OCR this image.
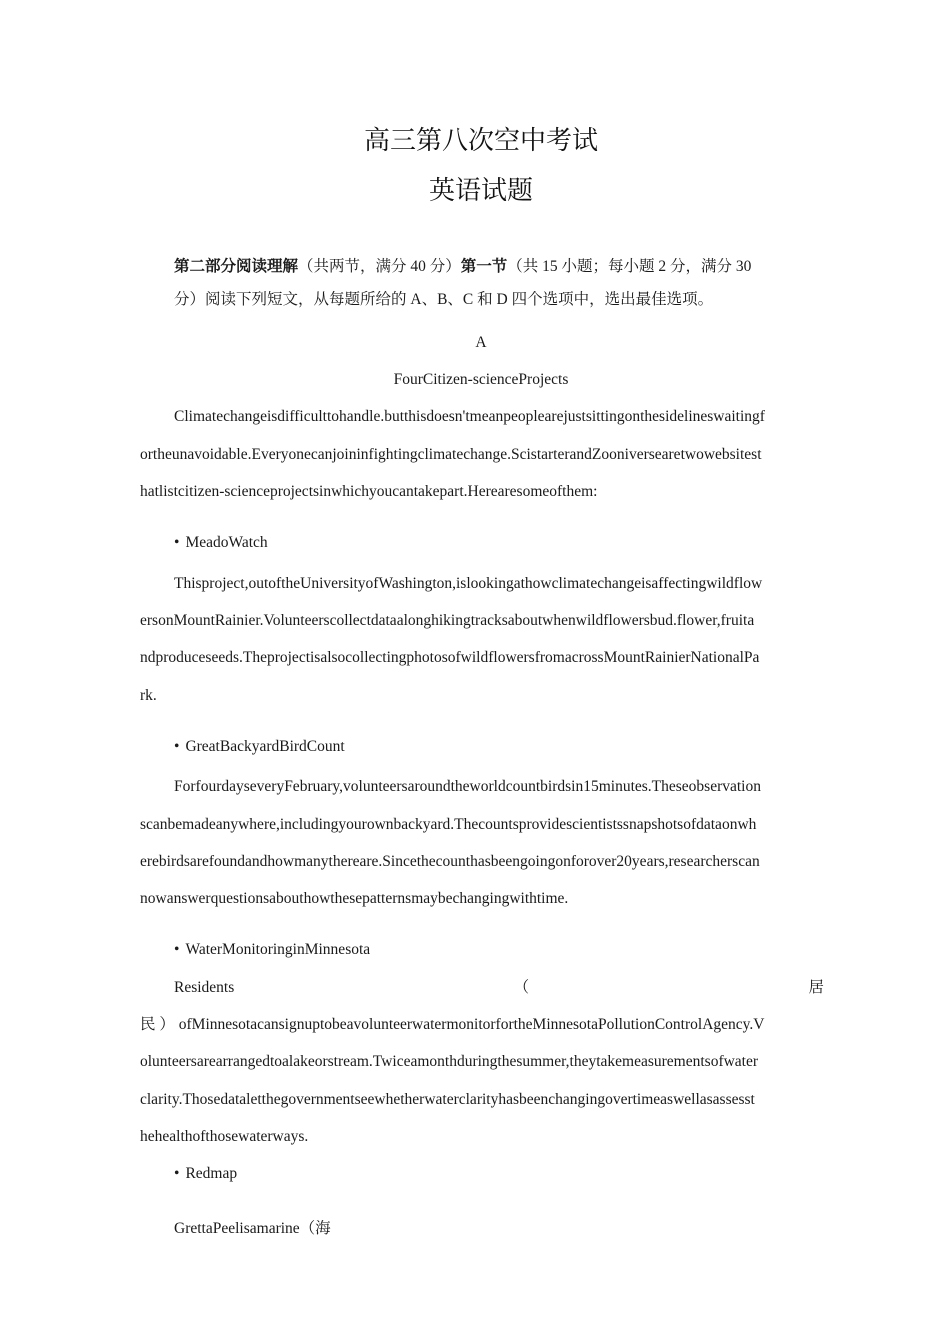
高三第八次空中考试
英语试题
第二部分阅读理解（共两节，满分 40 分）第一节（共 15 小题；每小题 2 分，满分 30
分）阅读下列短文，从每题所给的 A、B、C 和 D 四个选项中，选出最佳选项。
A
FourCitizen-scienceProjects
Climatechangeisdifficulttohandle.butthisdoesn'tmeanpeoplearejustsittingonthesidelineswaitingf
ortheunavoidable.Everyonecanjoininfightingclimatechange.ScistarterandZooniversearetwowebsitest
hatlistcitizen-scienceprojectsinwhichyoucantakepart.Herearesomeofthem:
• MeadoWatch
Thisproject,outoftheUniversityofWashington,islookingathowclimatechangeisaffectingwildflow
ersonMountRainier.Volunteerscollectdataalonghikingtracksaboutwhenwildflowersbud.flower,fruita
ndproduceseeds.TheprojectisalsocollectingphotosofwildflowersfromacrossMountRainierNationalPa
rk.
• GreatBackyardBirdCount
ForfourdayseveryFebruary,volunteersaroundtheworldcountbirdsin15minutes.Theseobservation
scanbemadeanywhere,includingyourownbackyard.Thecountsprovidescientistssnapshotsofdataonwh
erebirdsarefoundandhowmanythereare.Sincethecounthasbeengoingonforover20years,researcherscan
nowanswerquestionsabouthowthesepatternsmaybechangingwithtime.
• WaterMonitoringinMinnesota
Residents	（	居
民 ） ofMinnesotacansignuptobeavolunteerwatermonitorfortheMinnesotaPollutionControlAgency.V
olunteersarearrangedtoalakeorstream.Twiceamonthduringthesummer,theytakemeasurementsofwater
clarity.Thosedataletthegovernmentseewhetherwaterclarityhasbeenchangingovertimeaswellasassesst
hehealthofthosewaterways.
• Redmap
GrettaPeelisamarine（海
